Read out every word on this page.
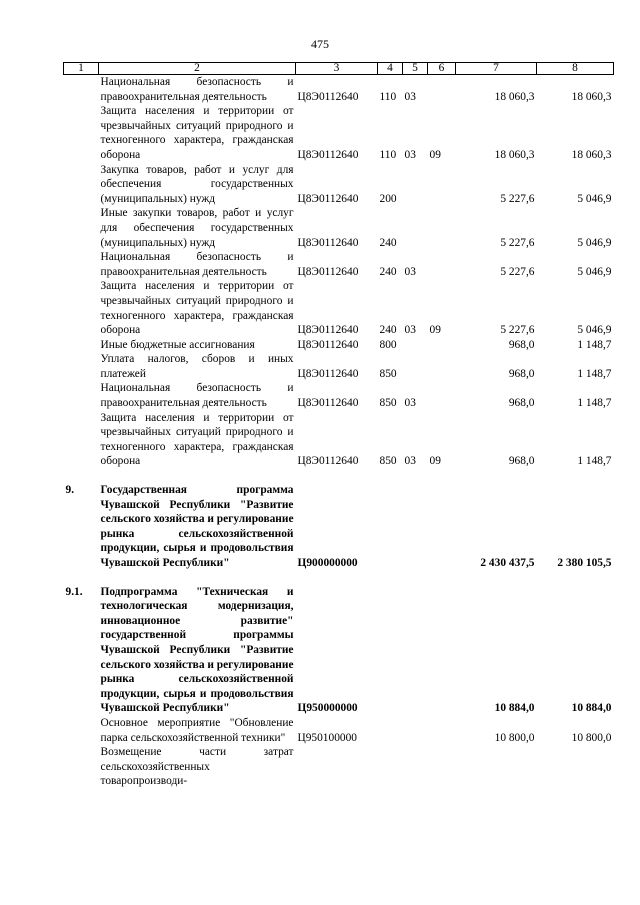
475
1	2	3	4	5	6	7	8
	Национальная безопасность и правоохранительная деятельность	Ц8Э0112640	110	03		18 060,3	18 060,3
	Защита населения и территории от чрезвычайных ситуаций природного и техногенного характера, гражданская оборона	Ц8Э0112640	110	03	09	18 060,3	18 060,3
	Закупка товаров, работ и услуг для обеспечения государственных (муниципальных) нужд	Ц8Э0112640	200			5 227,6	5 046,9
	Иные закупки товаров, работ и услуг для обеспечения государственных (муниципальных) нужд	Ц8Э0112640	240			5 227,6	5 046,9
	Национальная безопасность и правоохранительная деятельность	Ц8Э0112640	240	03		5 227,6	5 046,9
	Защита населения и территории от чрезвычайных ситуаций природного и техногенного характера, гражданская оборона	Ц8Э0112640	240	03	09	5 227,6	5 046,9
	Иные бюджетные ассигнования	Ц8Э0112640	800			968,0	1 148,7
	Уплата налогов, сборов и иных платежей	Ц8Э0112640	850			968,0	1 148,7
	Национальная безопасность и правоохранительная деятельность	Ц8Э0112640	850	03		968,0	1 148,7
	Защита населения и территории от чрезвычайных ситуаций природного и техногенного характера, гражданская оборона	Ц8Э0112640	850	03	09	968,0	1 148,7

9.	Государственная программа Чувашской Республики "Развитие сельского хозяйства и регулирование рынка сельскохозяйственной продукции, сырья и продовольствия Чувашской Республики"	Ц900000000				2 430 437,5	2 380 105,5

9.1.	Подпрограмма "Техническая и технологическая модернизация, инновационное развитие" государственной программы Чувашской Республики "Развитие сельского хозяйства и регулирование рынка сельскохозяйственной продукции, сырья и продовольствия Чувашской Республики"	Ц950000000				10 884,0	10 884,0
	Основное мероприятие "Обновление парка сельскохозяйственной техники"	Ц950100000				10 800,0	10 800,0
	Возмещение части затрат сельскохозяйственных товаропроизводи-						
